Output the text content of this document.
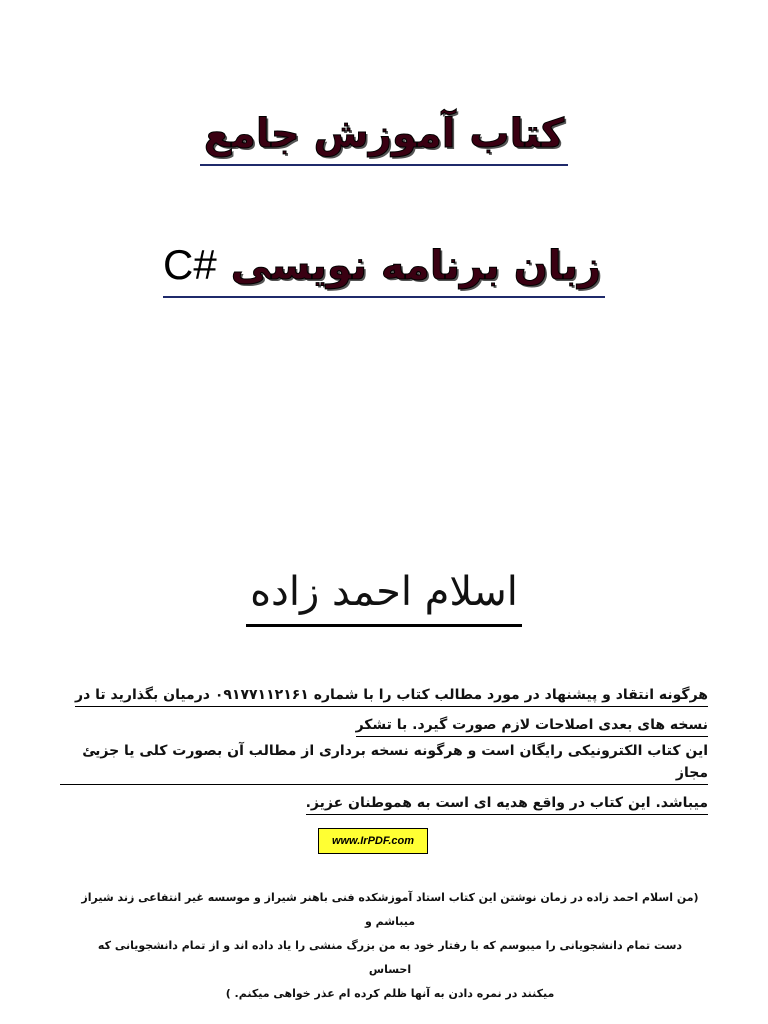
کتاب آموزش جامع
زبان برنامه نویسیC#
اسلام احمد زاده
هرگونه انتقاد و پیشنهاد در مورد مطالب کتاب را با شماره ۰۹۱۷۷۱۱۲۱۶۱ درمیان بگذارید تا در
نسخه های بعدی اصلاحات لازم صورت گیرد. با تشکر
این کتاب الکترونیکی رایگان است و هرگونه نسخه برداری از مطالب آن بصورت کلی یا جزیئ مجاز
میباشد. این کتاب در واقع هدیه ای است به هموطنان عزیز.
www.IrPDF.com
(من اسلام احمد زاده در زمان نوشتن این کتاب استاد آموزشکده فنی باهنر شیراز و موسسه غیر انتفاعی زند شیراز میباشم و
دست تمام دانشجویانی را میبوسم که با رفتار خود به من بزرگ منشی را یاد داده اند و از تمام دانشجویانی که احساس
میکنند در نمره دادن به آنها ظلم کرده ام عذر خواهی میکنم. )
